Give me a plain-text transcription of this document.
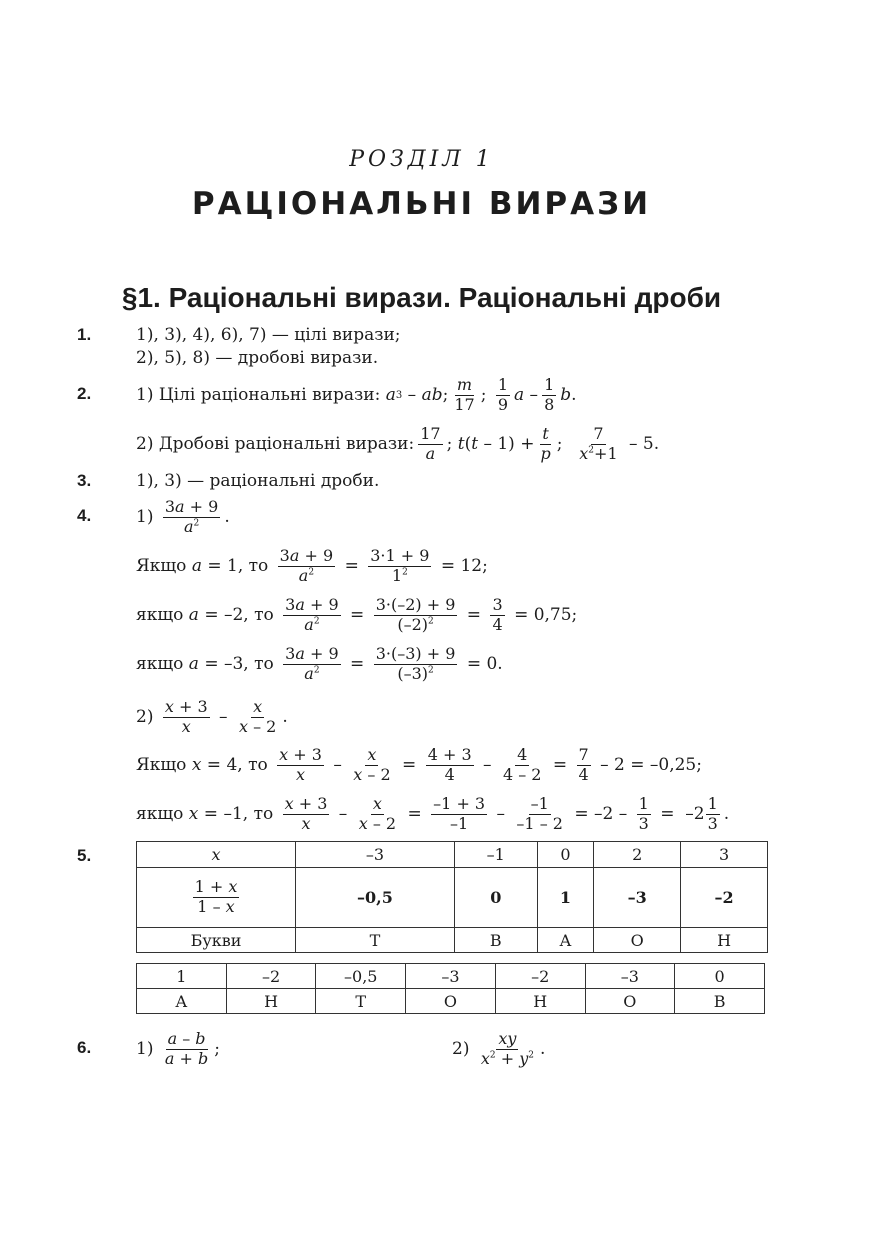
РОЗДІЛ 1
РАЦІОНАЛЬНІ ВИРАЗИ
§1. Раціональні вирази. Раціональні дроби
1.	1), 3), 4), 6), 7) — цілі вирази;
2), 5), 8) — дробові вирази.
2.	1) Цілі раціональні вирази:
a 3 – ab ; $\frac{m}{17}$ ; $\frac{1}{9}$ a – $\frac{1}{8}$ b .
2) Дробові раціональні вирази: $\frac{17}{a}$ ; t ( $t - 1) + \frac{t}{p}$ ; $\frac{7}{x^2+1} - 5$.
3.	1), 3) — раціональні дроби.
4.	$1) \frac{3a + 9}{a^2}$ .
Якщо
a = 1, то $\frac{3a + 9}{a^2} = \frac{3\cdot 1 + 9}{1^2}$
= 12;
якщо
a = –2, то $\frac{3a + 9}{a^2} = \frac{3\cdot(-2) + 9}{(-2)^2} = \frac{3}{4}$
= 0,75;
якщо
a = –3, то $\frac{3a + 9}{a^2} = \frac{3\cdot(-3) + 9}{(-3)^2}$
= 0.
$2) \frac{x + 3}{x} - \frac{x}{x - 2}$ .
Якщо
x = 4, то $\frac{x + 3}{x} - \frac{x}{x - 2} = \frac{4 + 3}{4} - \frac{4}{4 - 2} = \frac{7}{4}$
– 2 = –0,25;
якщо
x = –1, то $\frac{x + 3}{x} - \frac{x}{x - 2} = \frac{-1 + 3}{-1} - \frac{-1}{-1 - 2} = -2 - \frac{1}{3} = -2 \frac{1}{3}$ .
5.	x	–3	–1	0	2	3

$\frac{1 + x}{1 - x}$	–0,5	0	1	–3	–2
Букви	Т	В	А	О	Н
1	–2	–0,5	–3	–2	–3	0
А	Н	Т	О	Н	О	В
6.	$1) \frac{a - b}{a + b}$ ;	$2) \frac{xy}{x^2 + y^2}$ .
